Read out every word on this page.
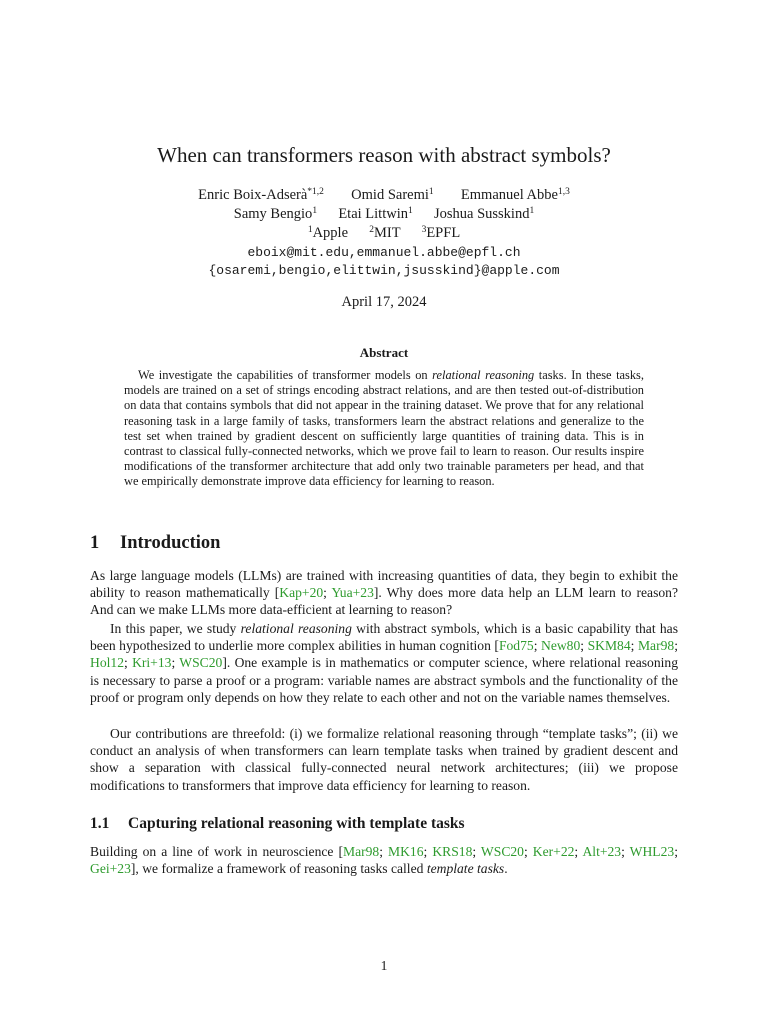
When can transformers reason with abstract symbols?
Enric Boix-Adserà$^{*1,2}$ Omid Saremi$^1$ Emmanuel Abbe$^{1,3}$
Samy Bengio$^1$ Etai Littwin$^1$ Joshua Susskind$^1$
$^1$Apple $^2$MIT $^3$EPFL
eboix@mit.edu,emmanuel.abbe@epfl.ch
{osaremi,bengio,elittwin,jsusskind}@apple.com
April 17, 2024
Abstract
We investigate the capabilities of transformer models on relational reasoning tasks. In these tasks, models are trained on a set of strings encoding abstract relations, and are then tested out-of-distribution on data that contains symbols that did not appear in the training dataset. We prove that for any relational reasoning task in a large family of tasks, transformers learn the abstract relations and generalize to the test set when trained by gradient descent on sufficiently large quantities of training data. This is in contrast to classical fully-connected networks, which we prove fail to learn to reason. Our results inspire modifications of the transformer architecture that add only two trainable parameters per head, and that we empirically demonstrate improve data efficiency for learning to reason.
1 Introduction
As large language models (LLMs) are trained with increasing quantities of data, they begin to exhibit the ability to reason mathematically [Kap+20; Yua+23]. Why does more data help an LLM learn to reason? And can we make LLMs more data-efficient at learning to reason?
In this paper, we study relational reasoning with abstract symbols, which is a basic capability that has been hypothesized to underlie more complex abilities in human cognition [Fod75; New80; SKM84; Mar98; Hol12; Kri+13; WSC20]. One example is in mathematics or computer science, where relational reasoning is necessary to parse a proof or a program: variable names are abstract symbols and the functionality of the proof or program only depends on how they relate to each other and not on the variable names themselves.
Our contributions are threefold: (i) we formalize relational reasoning through “template tasks”; (ii) we conduct an analysis of when transformers can learn template tasks when trained by gradient descent and show a separation with classical fully-connected neural network architectures; (iii) we propose modifications to transformers that improve data efficiency for learning to reason.
1.1 Capturing relational reasoning with template tasks
Building on a line of work in neuroscience [Mar98; MK16; KRS18; WSC20; Ker+22; Alt+23; WHL23; Gei+23], we formalize a framework of reasoning tasks called template tasks.
1
